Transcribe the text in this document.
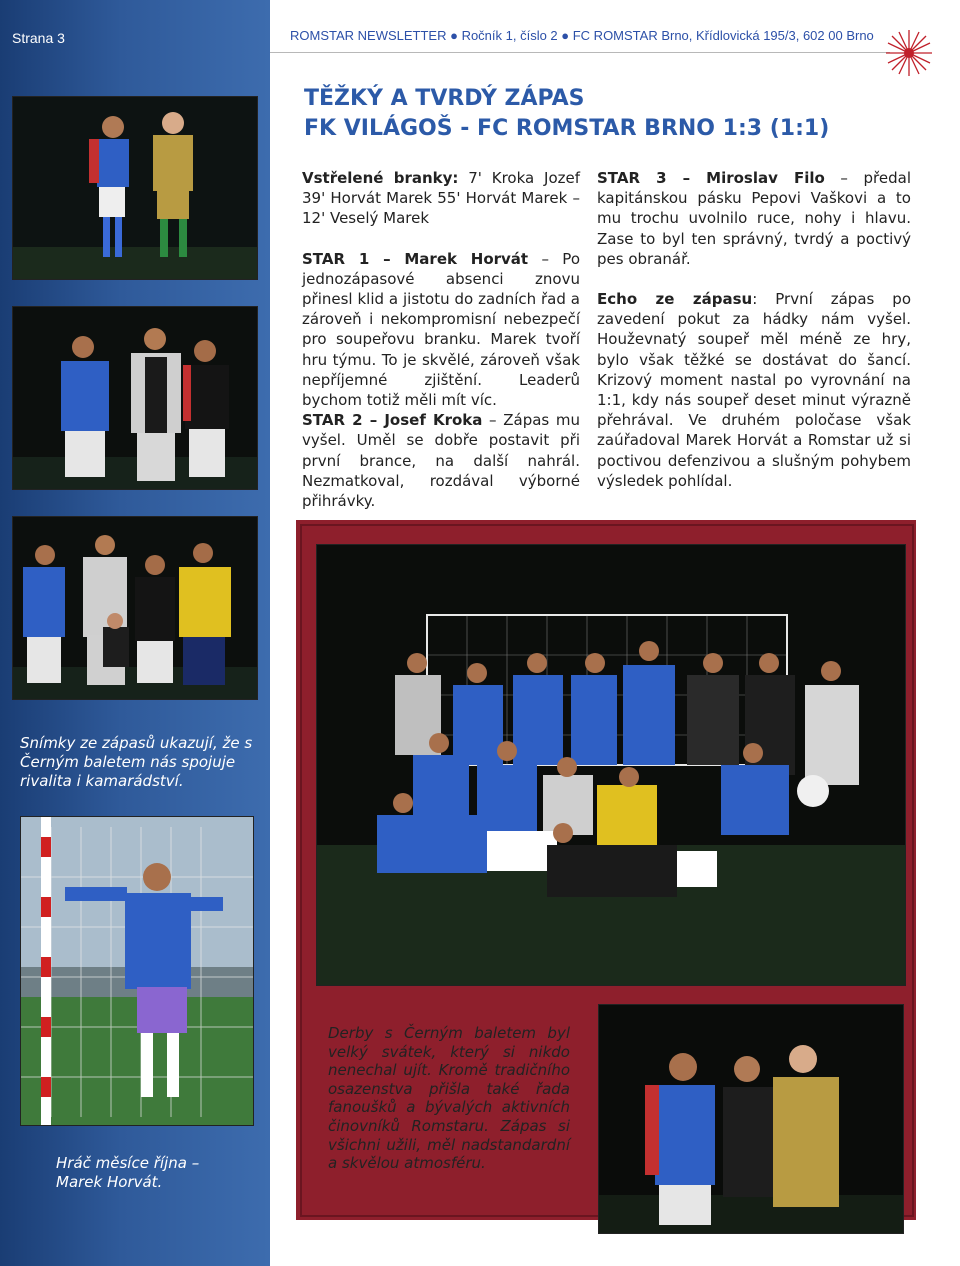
Strana 3	ROMSTAR NEWSLETTER ● Ročník 1, číslo 2 ● FC ROMSTAR Brno, Křídlovická 195/3, 602 00 Brno
TĚŽKÝ A TVRDÝ ZÁPAS
FK VILÁGOŠ - FC ROMSTAR BRNO 1:3 (1:1)

Vstřelené branky: 7' Kroka Jozef 39' Horvát Marek 55' Horvát Marek – 12' Veselý Marek

STAR 1 – Marek Horvát – Po jednozápasové absenci znovu přinesl klid a jistotu do zadních řad a zároveň i nekompromisní nebezpečí pro soupeřovu branku. Marek tvoří hru týmu. To je skvělé, zároveň však nepříjemné zjištění. Leaderů bychom totiž měli mít víc.

STAR 2 – Josef Kroka – Zápas mu vyšel. Uměl se dobře postavit při první brance, na další nahrál. Nezmatkoval, rozdával výborné přihrávky.

STAR 3 – Miroslav Filo – předal kapitánskou pásku Pepovi Vaškovi a to mu trochu uvolnilo ruce, nohy i hlavu. Zase to byl ten správný, tvrdý a poctivý pes obranář.

Echo ze zápasu: První zápas po zavedení pokut za hádky nám vyšel. Houževnatý soupeř měl méně ze hry, bylo však těžké se dostávat do šancí. Krizový moment nastal po vyrovnání na 1:1, kdy nás soupeř deset minut výrazně přehrával. Ve druhém poločase však zaúřadoval Marek Horvát a Romstar už si poctivou defenzivou a slušným pohybem výsledek pohlídal.

Snímky ze zápasů ukazují, že s Černým baletem nás spojuje rivalita i kamarádství.
Hráč měsíce října – Marek Horvát.
Derby s Černým baletem byl velký svátek, který si nikdo nenechal ujít. Kromě tradičního osazenstva přišla také řada fanoušků a bývalých aktivních činovníků Romstaru. Zápas si všichni užili, měl nadstandardní a skvělou atmosféru.
